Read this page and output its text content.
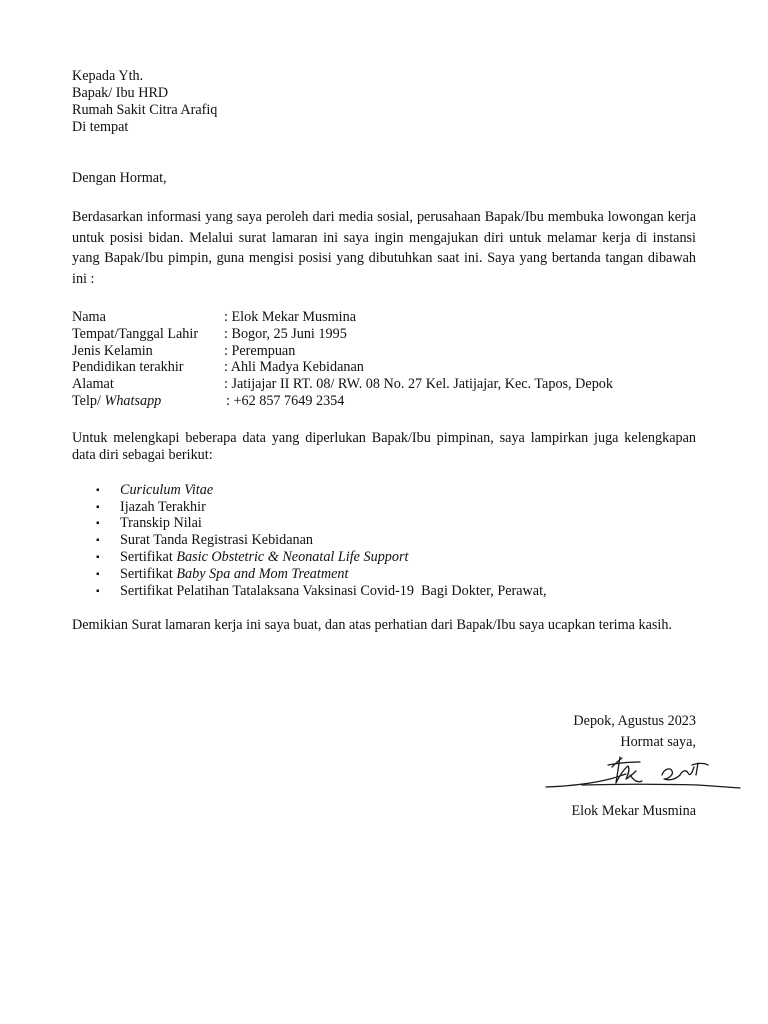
Kepada Yth.
Bapak/ Ibu HRD
Rumah Sakit Citra Arafiq
Di tempat
Dengan Hormat,

Berdasarkan informasi yang saya peroleh dari media sosial, perusahaan Bapak/Ibu membuka lowongan kerja untuk posisi bidan. Melalui surat lamaran ini saya ingin mengajukan diri untuk melamar kerja di instansi yang Bapak/Ibu pimpin, guna mengisi posisi yang dibutuhkan saat ini. Saya yang bertanda tangan dibawah ini :

Nama	: Elok Mekar Musmina
Tempat/Tanggal Lahir	: Bogor, 25 Juni 1995
Jenis Kelamin	: Perempuan
Pendidikan terakhir	: Ahli Madya Kebidanan
Alamat	: Jatijajar II RT. 08/ RW. 08 No. 27 Kel. Jatijajar, Kec. Tapos, Depok
Telp/ Whatsapp	: +62 857 7649 2354

Untuk melengkapi beberapa data yang diperlukan Bapak/Ibu pimpinan, saya lampirkan juga kelengkapan data diri sebagai berikut:

▪	Curiculum Vitae
▪	Ijazah Terakhir
▪	Transkip Nilai
▪	Surat Tanda Registrasi Kebidanan
▪	Sertifikat Basic Obstetric & Neonatal Life Support
▪	Sertifikat Baby Spa and Mom Treatment
▪	Sertifikat Pelatihan Tatalaksana Vaksinasi Covid-19  Bagi Dokter, Perawat,

Demikian Surat lamaran kerja ini saya buat, dan atas perhatian dari Bapak/Ibu saya ucapkan terima kasih.

Depok, Agustus 2023
Hormat saya,
Elok Mekar Musmina
